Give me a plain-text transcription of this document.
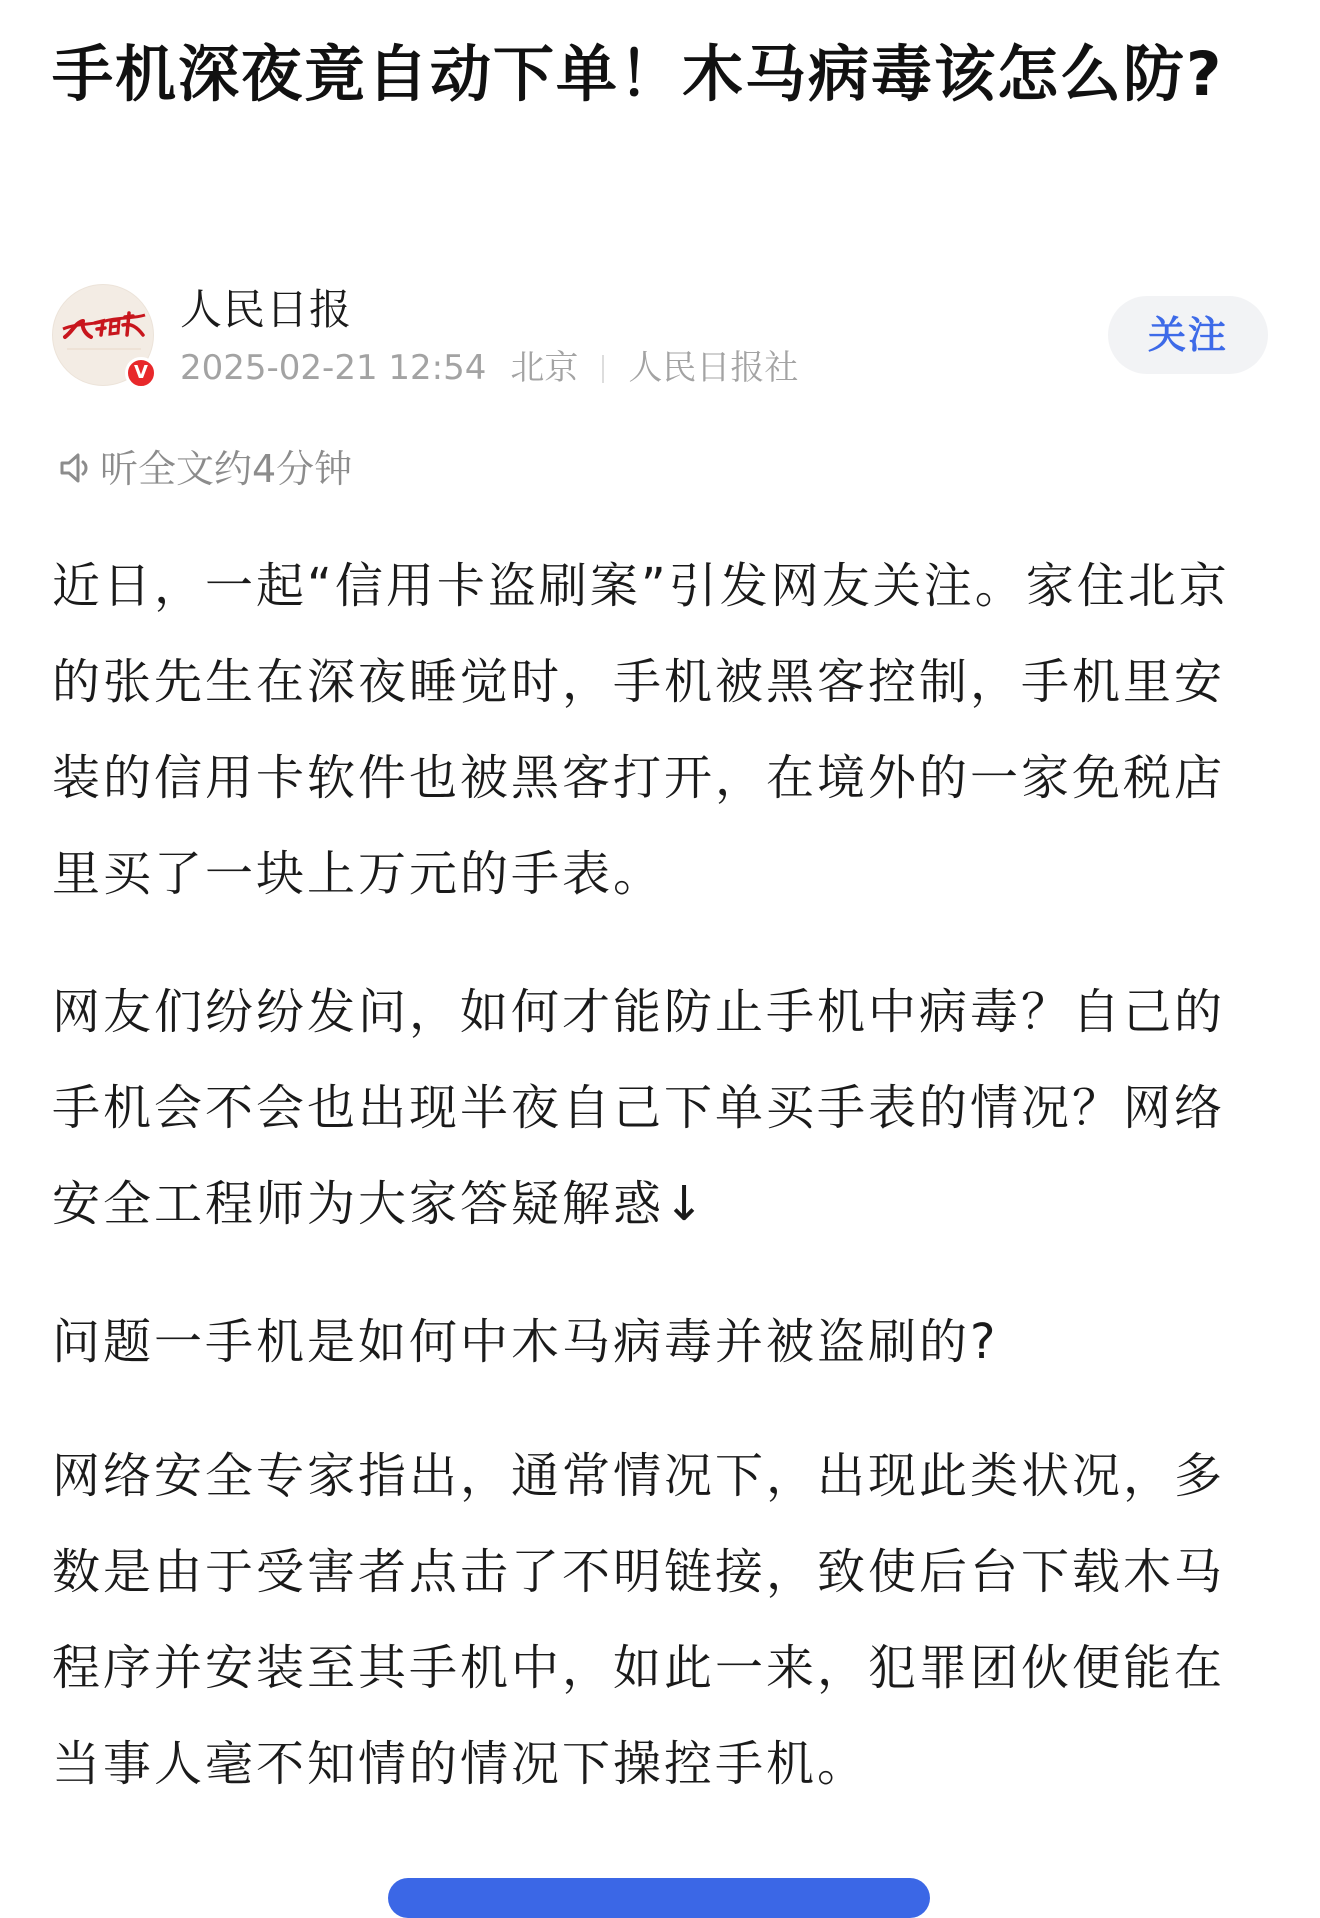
手机深夜竟自动下单！木马病毒该怎么防?
V
人民日报
2025-02-21 12:54 北京 人民日报社
关注
听全文约4分钟

近日，一起“信用卡盗刷案”引发网友关注。家住北京的张先生在深夜睡觉时，手机被黑客控制，手机里安装的信用卡软件也被黑客打开，在境外的一家免税店里买了一块上万元的手表。

网友们纷纷发问，如何才能防止手机中病毒？自己的手机会不会也出现半夜自己下单买手表的情况？网络安全工程师为大家答疑解惑↓

问题一手机是如何中木马病毒并被盗刷的?

网络安全专家指出，通常情况下，出现此类状况，多数是由于受害者点击了不明链接，致使后台下载木马程序并安装至其手机中，如此一来，犯罪团伙便能在当事人毫不知情的情况下操控手机。
